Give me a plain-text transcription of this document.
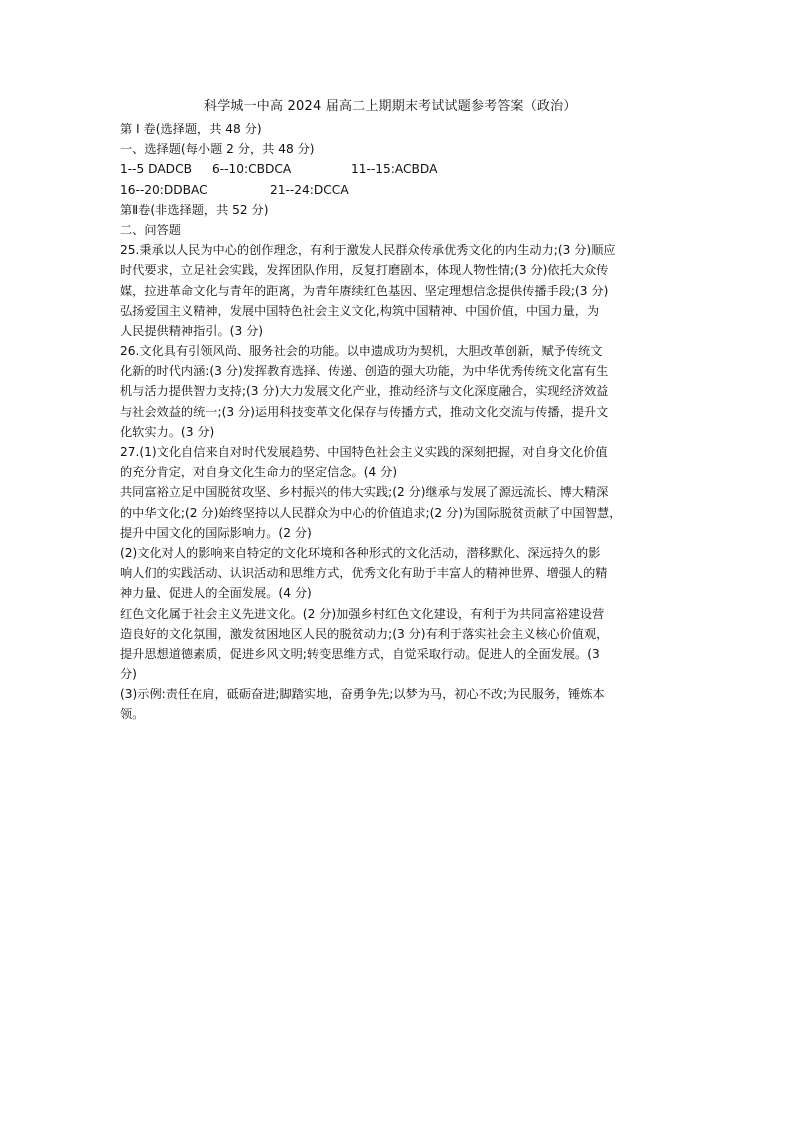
科学城一中高 2024 届高二上期期末考试试题参考答案（政治）
第 I 卷(选择题，共 48 分)
一、选择题(每小题 2 分，共 48 分)
1--5 DADCB 6--10:CBDCA	11--15:ACBDA
16--20:DDBAC	21--24:DCCA
第Ⅱ卷(非选择题，共 52 分)
二、问答题
25.秉承以人民为中心的创作理念，有利于激发人民群众传承优秀文化的内生动力;(3 分)顺应
时代要求，立足社会实践，发挥团队作用，反复打磨剧本，体现人物性情;(3 分)依托大众传
媒，拉进革命文化与青年的距离，为青年赓续红色基因、坚定理想信念提供传播手段;(3 分)
弘扬爱国主义精神，发展中国特色社会主义文化,构筑中国精神、中国价值，中国力量，为
人民提供精神指引。(3 分)
26.文化具有引领风尚、服务社会的功能。以申遗成功为契机，大胆改革创新，赋予传统文
化新的时代内涵:(3 分)发挥教育选择、传递、创造的强大功能，为中华优秀传统文化富有生
机与活力提供智力支持;(3 分)大力发展文化产业，推动经济与文化深度融合，实现经济效益
与社会效益的统一;(3 分)运用科技变革文化保存与传播方式，推动文化交流与传播，提升文
化软实力。(3 分)
27.(1)文化自信来自对时代发展趋势、中国特色社会主义实践的深刻把握，对自身文化价值
的充分肯定，对自身文化生命力的坚定信念。(4 分)
共同富裕立足中国脱贫攻坚、乡村振兴的伟大实践;(2 分)继承与发展了源远流长、博大精深
的中华文化;(2 分)始终坚持以人民群众为中心的价值追求;(2 分)为国际脱贫贡献了中国智慧，
提升中国文化的国际影响力。(2 分)
(2)文化对人的影响来自特定的文化环境和各种形式的文化活动，潜移默化、深远持久的影
响人们的实践活动、认识活动和思维方式，优秀文化有助于丰富人的精神世界、增强人的精
神力量、促进人的全面发展。(4 分)
红色文化属于社会主义先进文化。(2 分)加强乡村红色文化建设，有利于为共同富裕建设营
造良好的文化氛围，激发贫困地区人民的脱贫动力;(3 分)有利于落实社会主义核心价值观，
提升思想道德素质，促进乡风文明;转变思维方式，自觉采取行动。促进人的全面发展。(3
分)
(3)示例:责任在肩，砥砺奋进;脚踏实地，奋勇争先;以梦为马，初心不改;为民服务，锤炼本
领。
